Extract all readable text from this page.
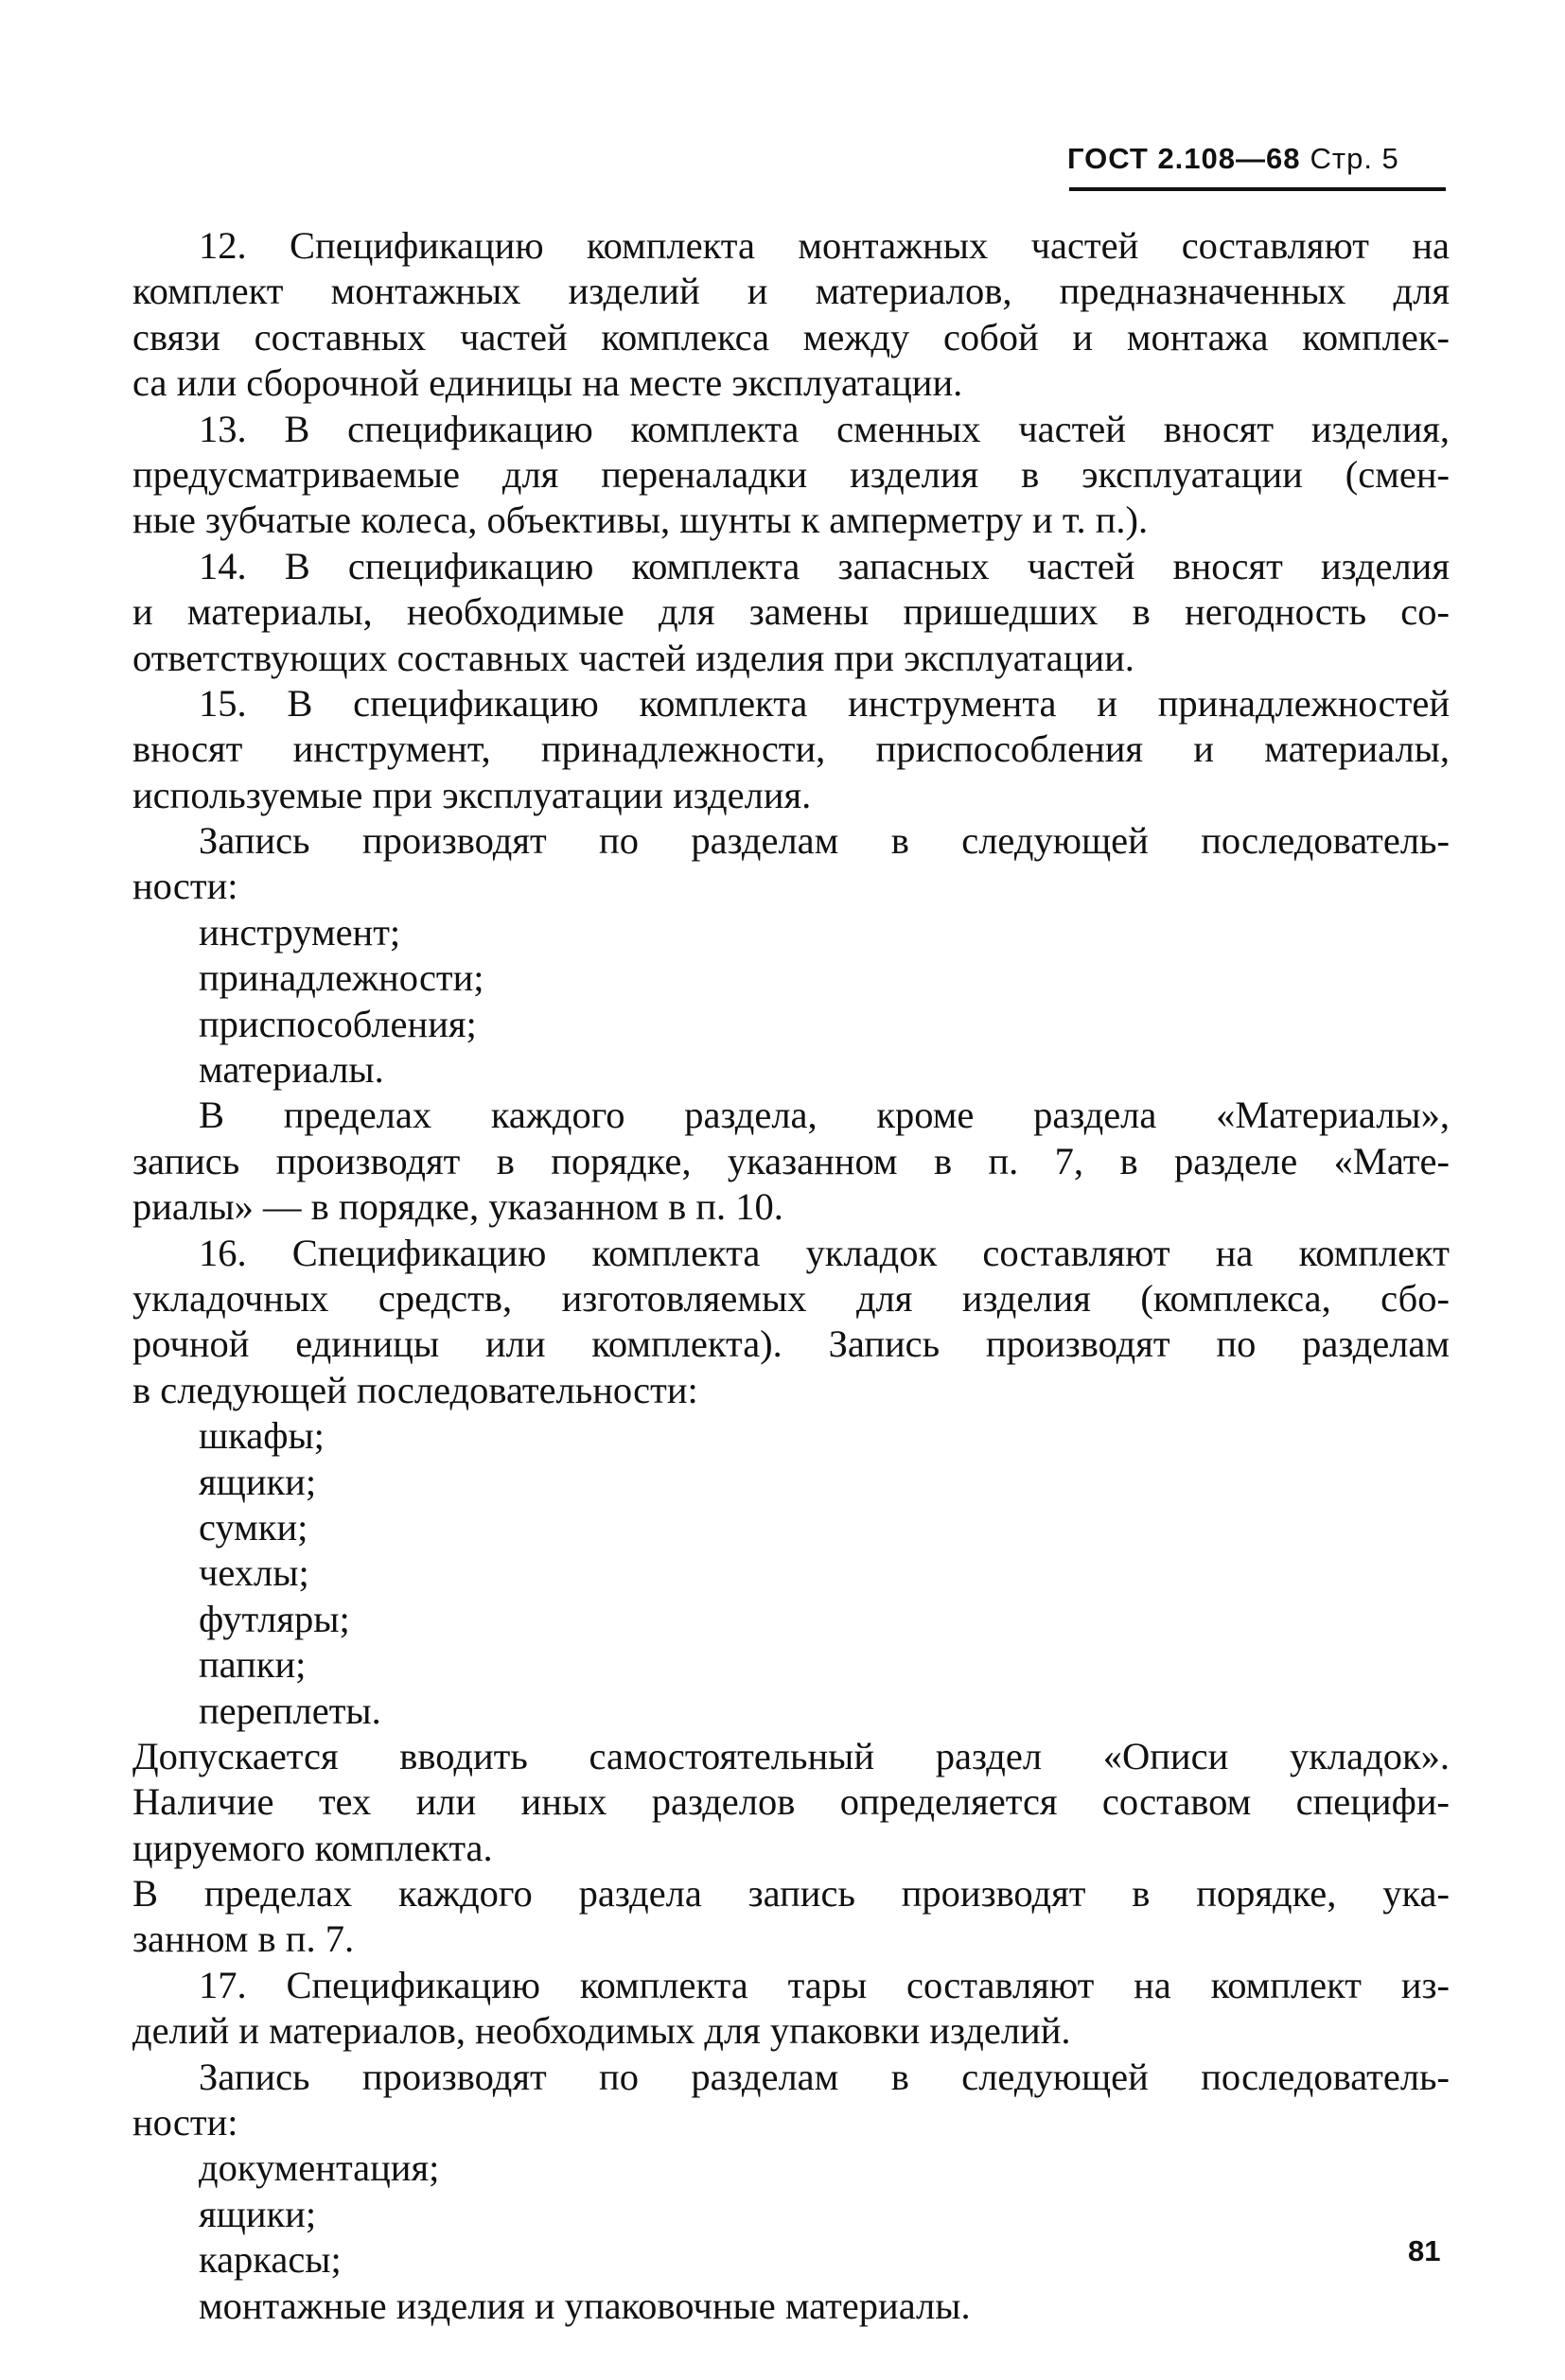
ГОСТ 2.108—68 Стр. 5
12. Спецификацию комплекта монтажных частей составляют на
комплект монтажных изделий и материалов, предназначенных для
связи составных частей комплекса между собой и монтажа комплек-
са или сборочной единицы на месте эксплуатации.
13. В спецификацию комплекта сменных частей вносят изделия,
предусматриваемые для переналадки изделия в эксплуатации (смен-
ные зубчатые колеса, объективы, шунты к амперметру и т. п.).
14. В спецификацию комплекта запасных частей вносят изделия
и материалы, необходимые для замены пришедших в негодность со-
ответствующих составных частей изделия при эксплуатации.
15. В спецификацию комплекта инструмента и принадлежностей
вносят инструмент, принадлежности, приспособления и материалы,
используемые при эксплуатации изделия.
Запись производят по разделам в следующей последователь-
ности:
инструмент;
принадлежности;
приспособления;
материалы.
В пределах каждого раздела, кроме раздела «Материалы»,
запись производят в порядке, указанном в п. 7, в разделе «Мате-
риалы» — в порядке, указанном в п. 10.
16. Спецификацию комплекта укладок составляют на комплект
укладочных средств, изготовляемых для изделия (комплекса, сбо-
рочной единицы или комплекта). Запись производят по разделам
в следующей последовательности:
шкафы;
ящики;
сумки;
чехлы;
футляры;
папки;
переплеты.
Допускается вводить самостоятельный раздел «Описи укладок».
Наличие тех или иных разделов определяется составом специфи-
цируемого комплекта.
В пределах каждого раздела запись производят в порядке, ука-
занном в п. 7.
17. Спецификацию комплекта тары составляют на комплект из-
делий и материалов, необходимых для упаковки изделий.
Запись производят по разделам в следующей последователь-
ности:
документация;
ящики;
каркасы;
монтажные изделия и упаковочные материалы.
81
